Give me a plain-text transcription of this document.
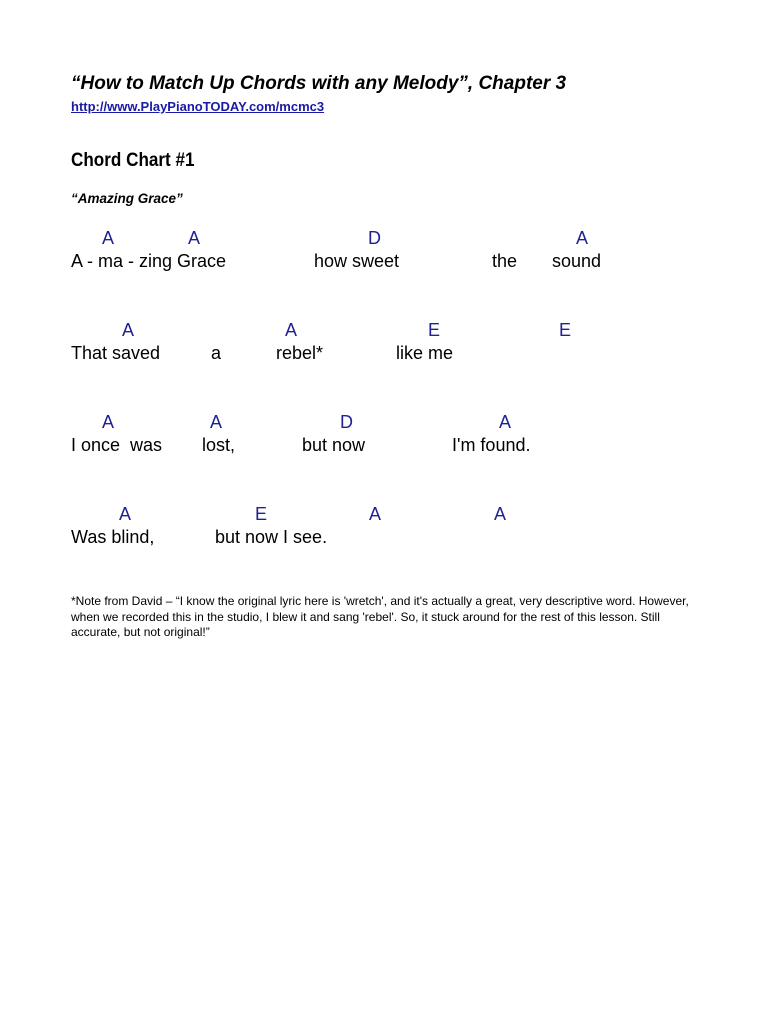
“How to Match Up Chords with any Melody”, Chapter 3
http://www.PlayPianoTODAY.com/mcmc3
Chord Chart #1
“Amazing Grace”
A	A	D	A
A - ma - zing Grace	how sweet	the sound
A	A	E	E
That saved	a	rebel*	like me
A	A	D	A
I once  was lost,	but now	I'm found.
A	E	A	A
Was blind,	but now I see.
*Note from David – “I know the original lyric here is 'wretch', and it's actually a great, very descriptive word. However, when we recorded this in the studio, I blew it and sang 'rebel'. So, it stuck around for the rest of this lesson. Still accurate, but not original!”
